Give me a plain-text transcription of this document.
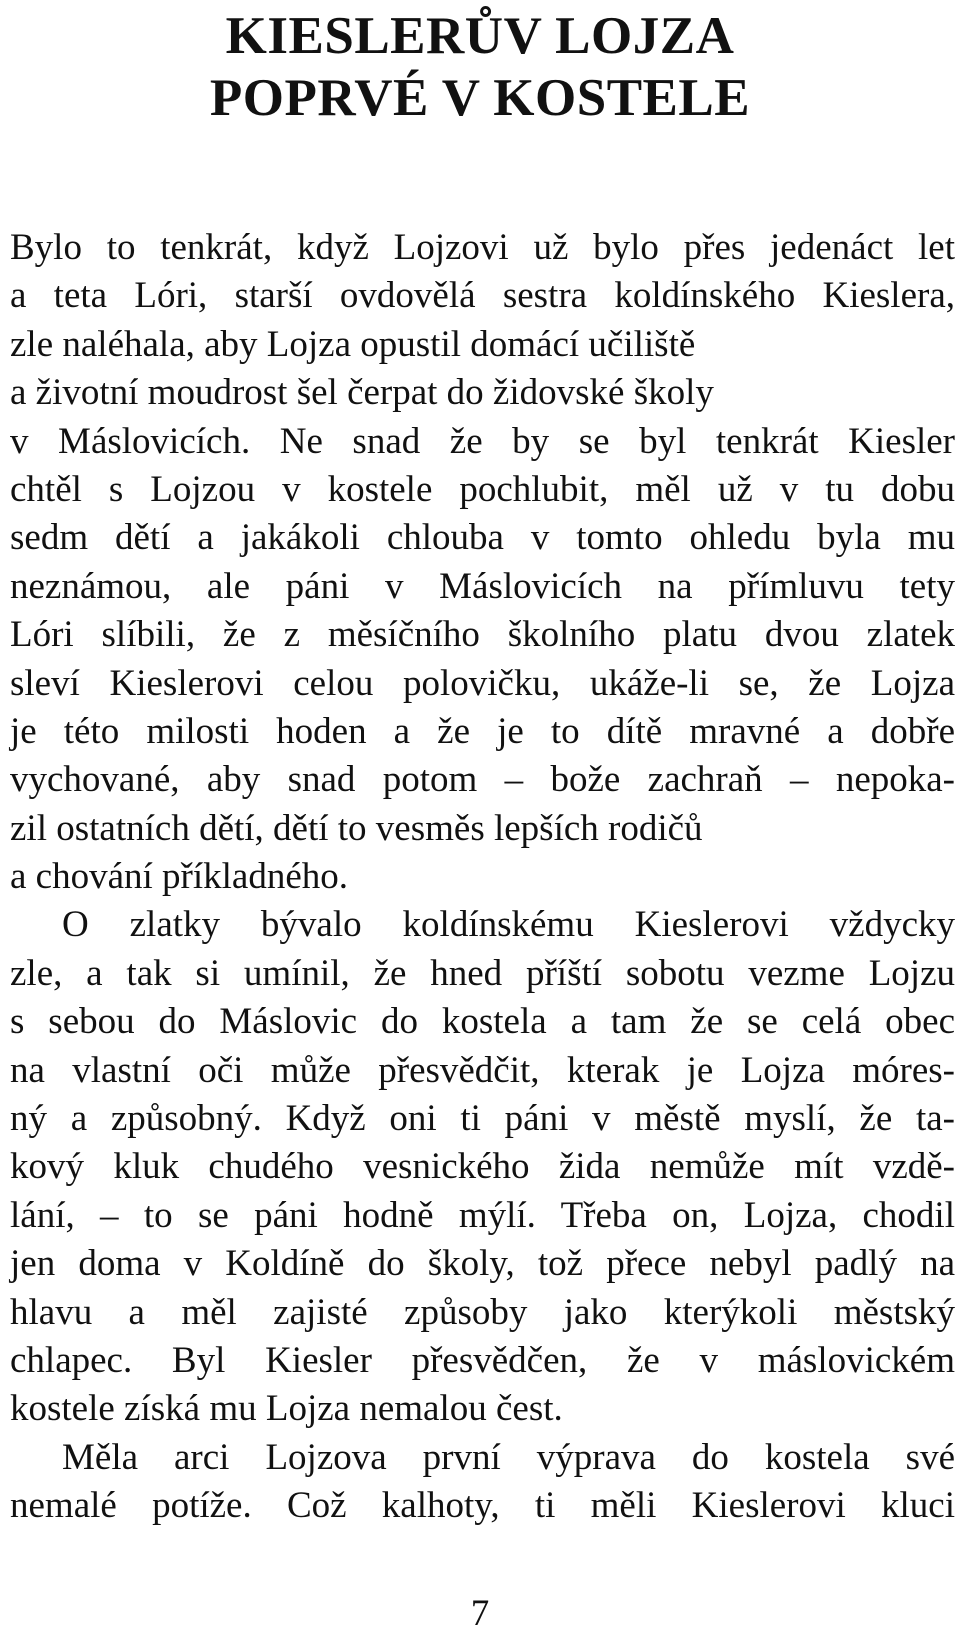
KIESLERŮV LOJZA
POPRVÉ V KOSTELE
Bylo to tenkrát, když Lojzovi už bylo přes jedenáct let
a teta Lóri, starší ovdovělá sestra koldínského Kieslera,
zle naléhala, aby Lojza opustil domácí učiliště
a životní moudrost šel čerpat do židovské školy
v Máslovicích. Ne snad že by se byl tenkrát Kiesler
chtěl s Lojzou v kostele pochlubit, měl už v tu dobu
sedm dětí a jakákoli chlouba v tomto ohledu byla mu
neznámou, ale páni v Máslovicích na přímluvu tety
Lóri slíbili, že z měsíčního školního platu dvou zlatek
sleví Kieslerovi celou polovičku, ukáže-li se, že Lojza
je této milosti hoden a že je to dítě mravné a dobře
vychované, aby snad potom – bože zachraň – nepoka-
zil ostatních dětí, dětí to vesměs lepších rodičů
a chování příkladného.
O zlatky bývalo koldínskému Kieslerovi vždycky
zle, a tak si umínil, že hned příští sobotu vezme Lojzu
s sebou do Máslovic do kostela a tam že se celá obec
na vlastní oči může přesvědčit, kterak je Lojza móres-
ný a způsobný. Když oni ti páni v městě myslí, že ta-
kový kluk chudého vesnického žida nemůže mít vzdě-
lání, – to se páni hodně mýlí. Třeba on, Lojza, chodil
jen doma v Koldíně do školy, tož přece nebyl padlý na
hlavu a měl zajisté způsoby jako kterýkoli městský
chlapec. Byl Kiesler přesvědčen, že v máslovickém
kostele získá mu Lojza nemalou čest.
Měla arci Lojzova první výprava do kostela své
nemalé potíže. Což kalhoty, ti měli Kieslerovi kluci
7
